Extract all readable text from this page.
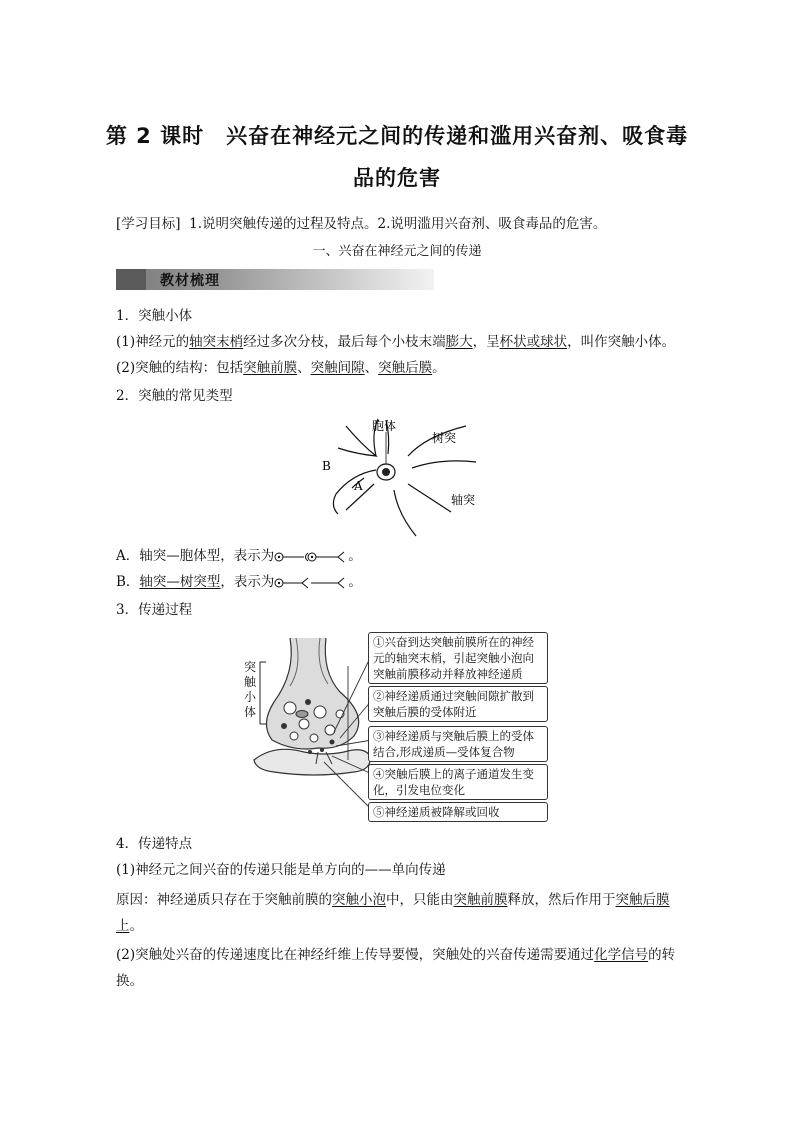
第 2 课时　兴奋在神经元之间的传递和滥用兴奋剂、吸食毒
品的危害
[学习目标] 1.说明突触传递的过程及特点。2.说明滥用兴奋剂、吸食毒品的危害。
一、兴奋在神经元之间的传递
教材梳理
1．突触小体
(1)神经元的轴突末梢经过多次分枝，最后每个小枝末端膨大，呈杯状或球状，叫作突触小体。
(2)突触的结构：包括突触前膜、突触间隙、突触后膜。
2．突触的常见类型
胞体
树突
轴突
B
A
A．轴突—胞体型，表示为	。
B．轴突—树突型，表示为	。
3．传递过程
突
触
小
体
①兴奋到达突触前膜所在的神经元的轴突末梢，引起突触小泡向突触前膜移动并释放神经递质
②神经递质通过突触间隙扩散到突触后膜的受体附近
③神经递质与突触后膜上的受体结合,形成递质—受体复合物
④突触后膜上的离子通道发生变化，引发电位变化
⑤神经递质被降解或回收
4．传递特点
(1)神经元之间兴奋的传递只能是单方向的——单向传递
原因：神经递质只存在于突触前膜的突触小泡中，只能由突触前膜释放，然后作用于突触后膜上。
(2)突触处兴奋的传递速度比在神经纤维上传导要慢，突触处的兴奋传递需要通过化学信号的转换。
